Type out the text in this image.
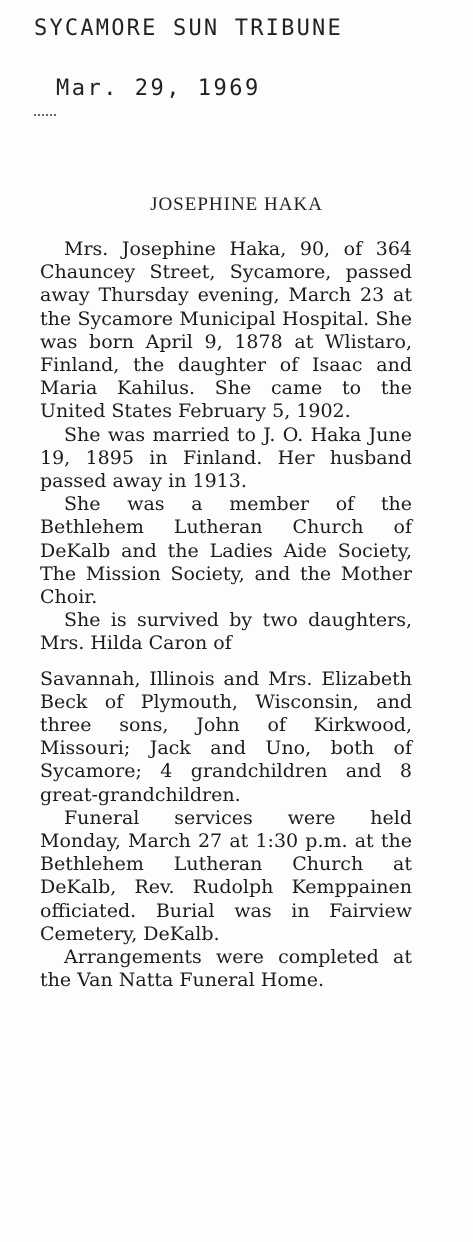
SYCAMORE SUN TRIBUNE
Mar. 29, 1969
JOSEPHINE HAKA

Mrs. Josephine Haka, 90, of 364 Chauncey Street, Sycamore, passed away Thursday evening, March 23 at the Sycamore Municipal Hospital. She was born April 9, 1878 at Wlistaro, Finland, the daughter of Isaac and Maria Kahilus. She came to the United States February 5, 1902.

She was married to J. O. Haka June 19, 1895 in Finland. Her husband passed away in 1913.

She was a member of the Bethlehem Lutheran Church of DeKalb and the Ladies Aide Society, The Mission Society, and the Mother Choir.

She is survived by two daughters, Mrs. Hilda Caron of

Savannah, Illinois and Mrs. Elizabeth Beck of Plymouth, Wisconsin, and three sons, John of Kirkwood, Missouri; Jack and Uno, both of Sycamore; 4 grandchildren and 8 great-grandchildren.

Funeral services were held Monday, March 27 at 1:30 p.m. at the Bethlehem Lutheran Church at DeKalb, Rev. Rudolph Kemppainen officiated. Burial was in Fairview Cemetery, DeKalb.

Arrangements were completed at the Van Natta Funeral Home.
